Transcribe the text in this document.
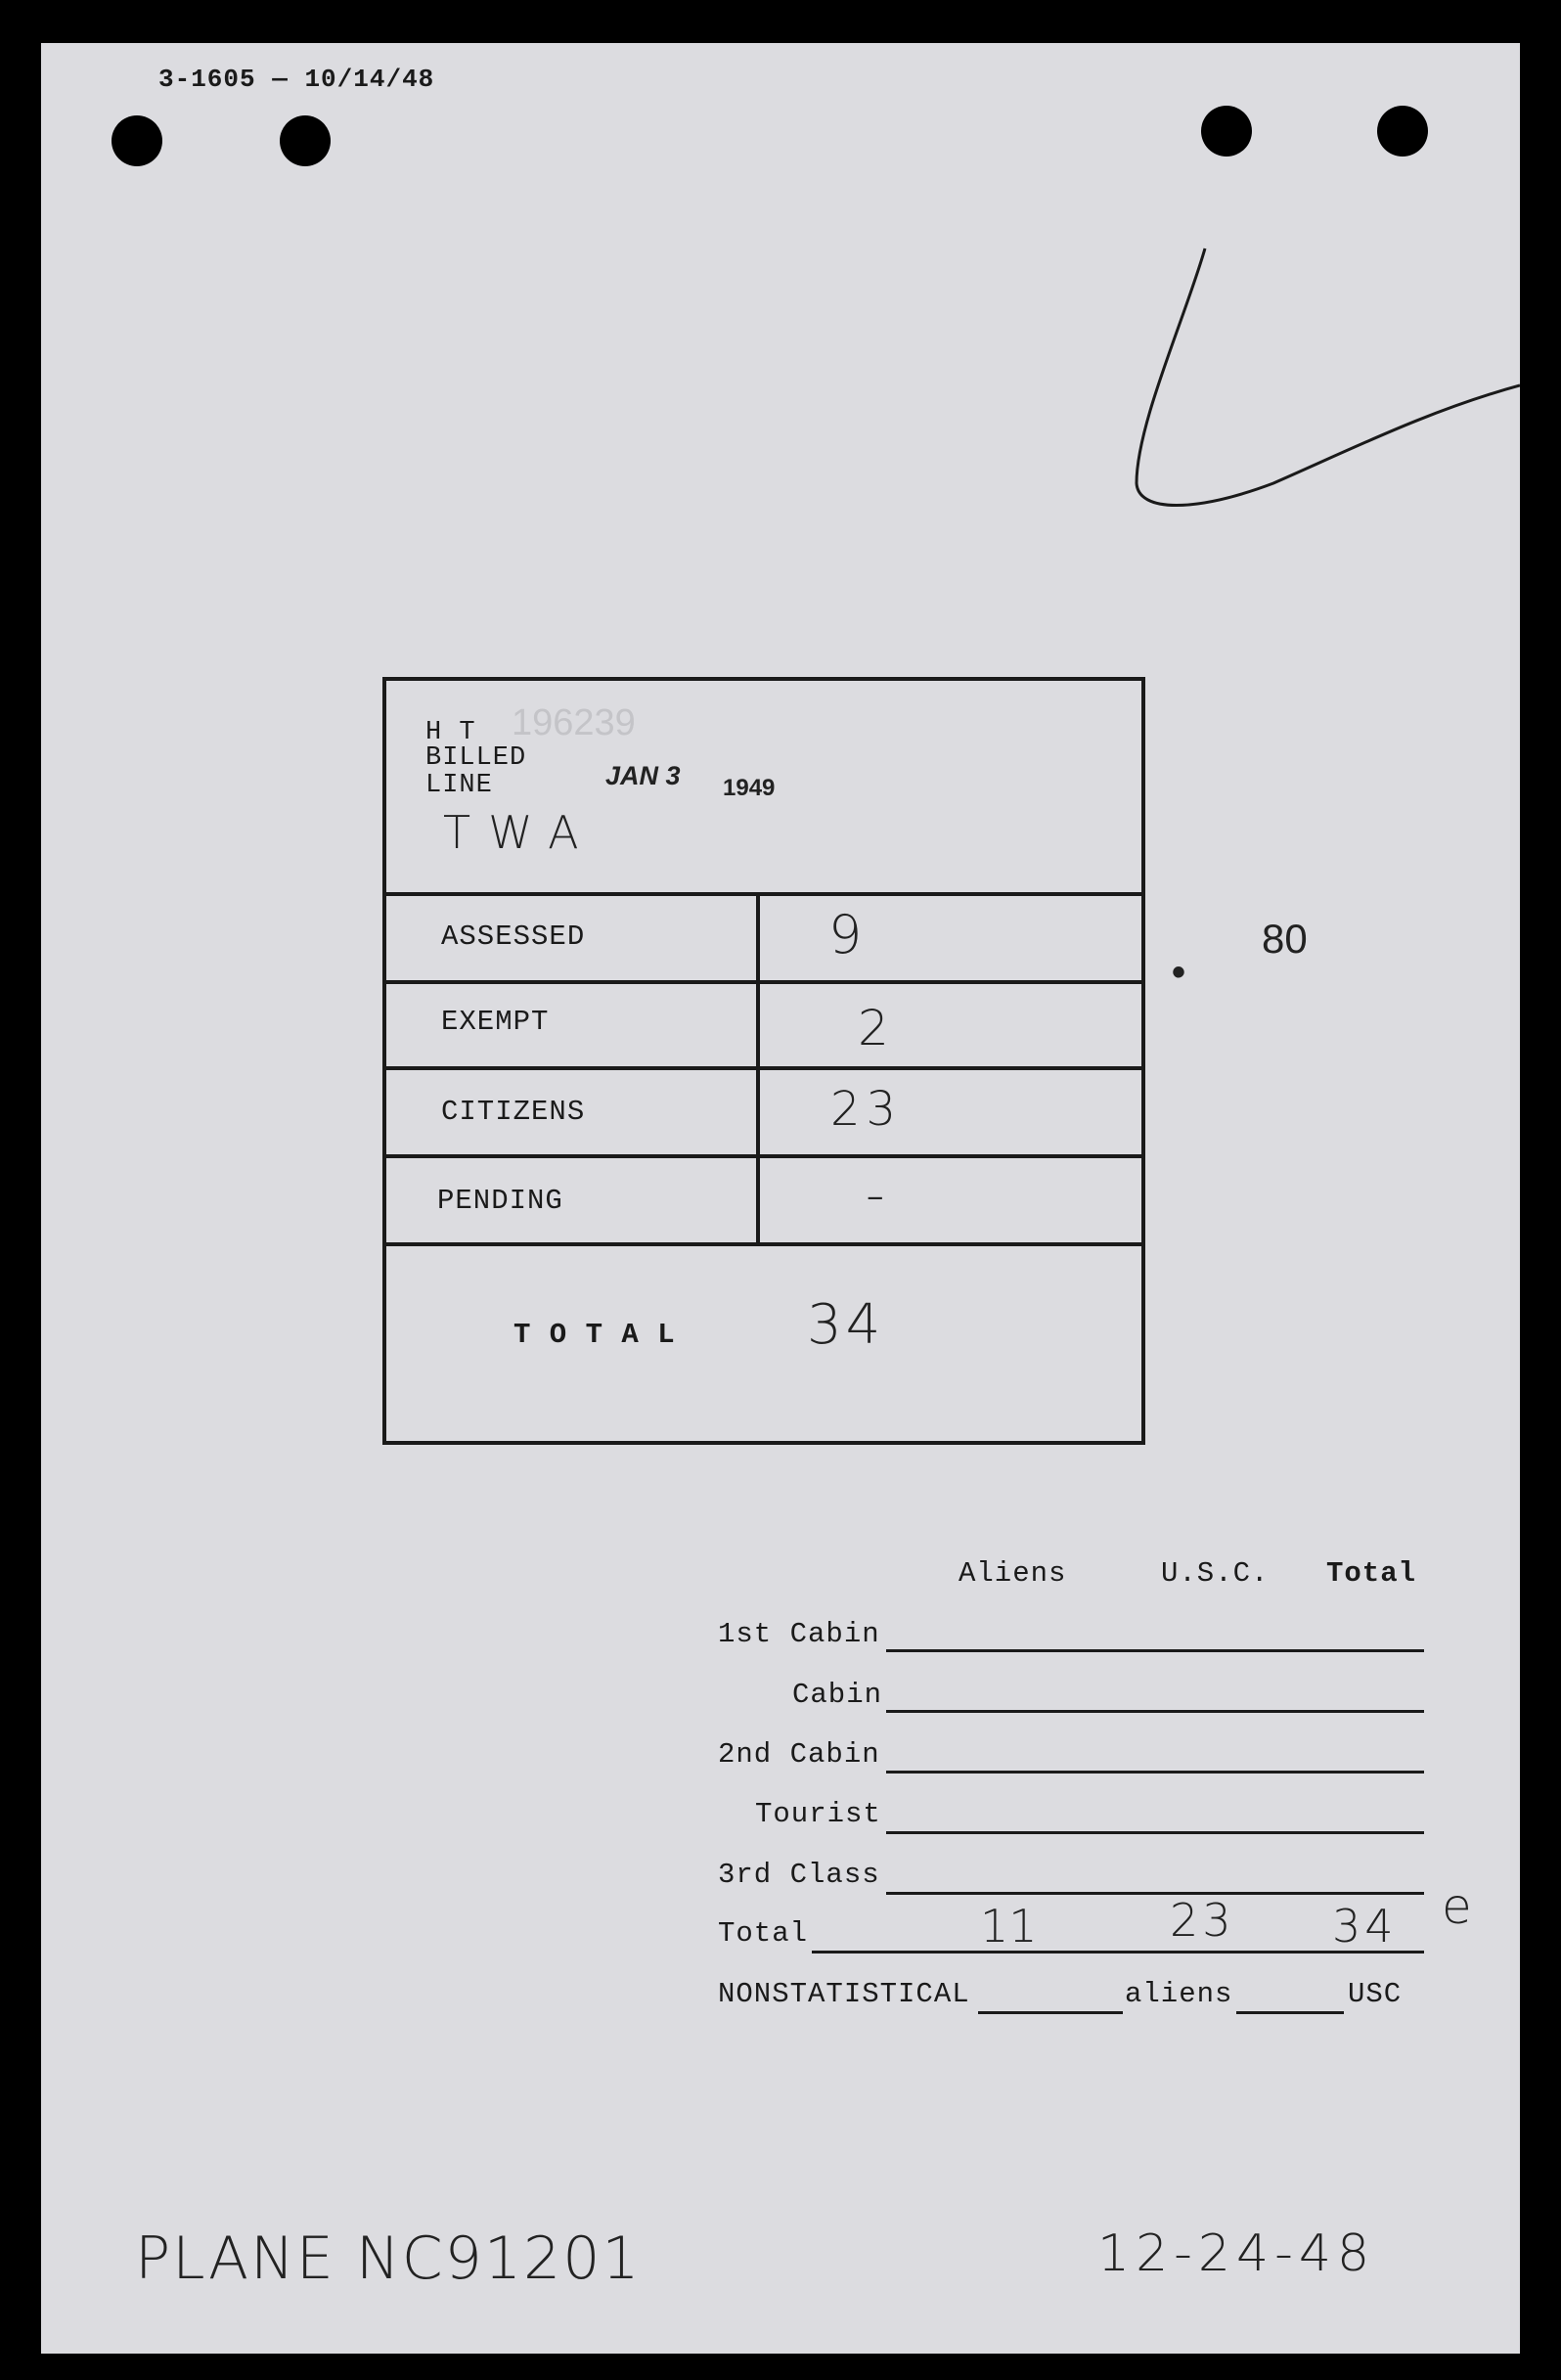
3-1605 — 10/14/48
H T 196239
BILLED
LINE	JAN 3 1949
TWA
ASSESSED	9
EXEMPT	2
CITIZENS	23
PENDING	-
T O T A L 34
•
80
Aliens	U.S.C. Total
1st Cabin
Cabin
2nd Cabin
Tourist
3rd Class
Total	11	23 34 e
NONSTATISTICAL	aliens	USC
PLANE NC91201	12-24-48
